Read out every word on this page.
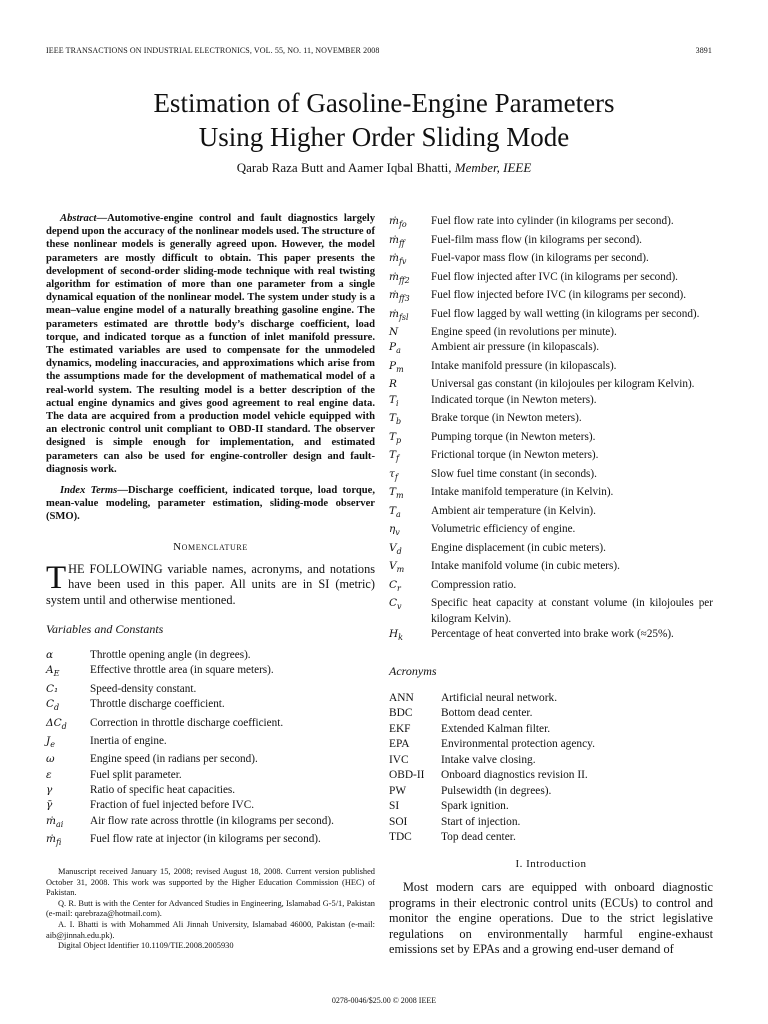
IEEE TRANSACTIONS ON INDUSTRIAL ELECTRONICS, VOL. 55, NO. 11, NOVEMBER 2008	3891
Estimation of Gasoline-Engine Parameters
Using Higher Order Sliding Mode
Qarab Raza Butt and Aamer Iqbal Bhatti, Member, IEEE
Abstract—Automotive-engine control and fault diagnostics largely depend upon the accuracy of the nonlinear models used. The structure of these nonlinear models is generally agreed upon. However, the model parameters are mostly difficult to obtain. This paper presents the development of second-order sliding-mode technique with real twisting algorithm for estimation of more than one parameter from a single dynamical equation of the nonlinear model. The system under study is a mean–value engine model of a naturally breathing gasoline engine. The parameters estimated are throttle body’s discharge coefficient, load torque, and indicated torque as a function of inlet manifold pressure. The estimated variables are used to compensate for the unmodeled dynamics, modeling inaccuracies, and approximations which arise from the assumptions made for the development of mathematical model of a real-world system. The resulting model is a better description of the actual engine dynamics and gives good agreement to real engine data. The data are acquired from a production model vehicle equipped with an electronic control unit compliant to OBD-II standard. The observer designed is simple enough for implementation, and estimated parameters can also be used for engine-controller design and fault-diagnosis work.
Index Terms—Discharge coefficient, indicated torque, load torque, mean-value modeling, parameter estimation, sliding-mode observer (SMO).
Nomenclature
THE FOLLOWING variable names, acronyms, and notations have been used in this paper. All units are in SI (metric) system until and otherwise mentioned.
Variables and Constants
α	Throttle opening angle (in degrees).
$A_E$	Effective throttle area (in square meters).
C₁	Speed-density constant.
$C_d$	Throttle discharge coefficient.
$\Delta C_d$	Correction in throttle discharge coefficient.
$J_e$	Inertia of engine.
ω	Engine speed (in radians per second).
ε	Fuel split parameter.
γ	Ratio of specific heat capacities.
γ̄	Fraction of fuel injected before IVC.
ṁ$_{ai}$	Air flow rate across throttle (in kilograms per second).
ṁ$_{fi}$	Fuel flow rate at injector (in kilograms per second).
ṁ$_{fo}$	Fuel flow rate into cylinder (in kilograms per second).
ṁ$_{ff}$	Fuel-film mass flow (in kilograms per second).
ṁ$_{fv}$	Fuel-vapor mass flow (in kilograms per second).
ṁ$_{ff2}$	Fuel flow injected after IVC (in kilograms per second).
ṁ$_{ff3}$	Fuel flow injected before IVC (in kilograms per second).
ṁ$_{fsl}$	Fuel flow lagged by wall wetting (in kilograms per second).
N	Engine speed (in revolutions per minute).
$P_a$	Ambient air pressure (in kilopascals).
$P_m$	Intake manifold pressure (in kilopascals).
R	Universal gas constant (in kilojoules per kilogram Kelvin).
$T_i$	Indicated torque (in Newton meters).
$T_b$	Brake torque (in Newton meters).
$T_p$	Pumping torque (in Newton meters).
$T_f$	Frictional torque (in Newton meters).
$\tau_f$	Slow fuel time constant (in seconds).
$T_m$	Intake manifold temperature (in Kelvin).
$T_a$	Ambient air temperature (in Kelvin).
$\eta_v$	Volumetric efficiency of engine.
$V_d$	Engine displacement (in cubic meters).
$V_m$	Intake manifold volume (in cubic meters).
$C_r$	Compression ratio.
$C_v$	Specific heat capacity at constant volume (in kilojoules per kilogram Kelvin).
$H_k$	Percentage of heat converted into brake work (≈25%).
Acronyms
ANN	Artificial neural network.
BDC	Bottom dead center.
EKF	Extended Kalman filter.
EPA	Environmental protection agency.
IVC	Intake valve closing.
OBD-II	Onboard diagnostics revision II.
PW	Pulsewidth (in degrees).
SI	Spark ignition.
SOI	Start of injection.
TDC	Top dead center.

Manuscript received January 15, 2008; revised August 18, 2008. Current version published October 31, 2008. This work was supported by the Higher Education Commission (HEC) of Pakistan.

Q. R. Butt is with the Center for Advanced Studies in Engineering, Islamabad G-5/1, Pakistan (e-mail: qarebraza@hotmail.com).

A. I. Bhatti is with Mohammed Ali Jinnah University, Islamabad 46000, Pakistan (e-mail: aib@jinnah.edu.pk).

Digital Object Identifier 10.1109/TIE.2008.2005930

I. Introduction
Most modern cars are equipped with onboard diagnostic programs in their electronic control units (ECUs) to control and monitor the engine operations. Due to the strict legislative regulations on environmentally harmful engine-exhaust emissions set by EPAs and a growing end-user demand of
0278-0046/$25.00 © 2008 IEEE
